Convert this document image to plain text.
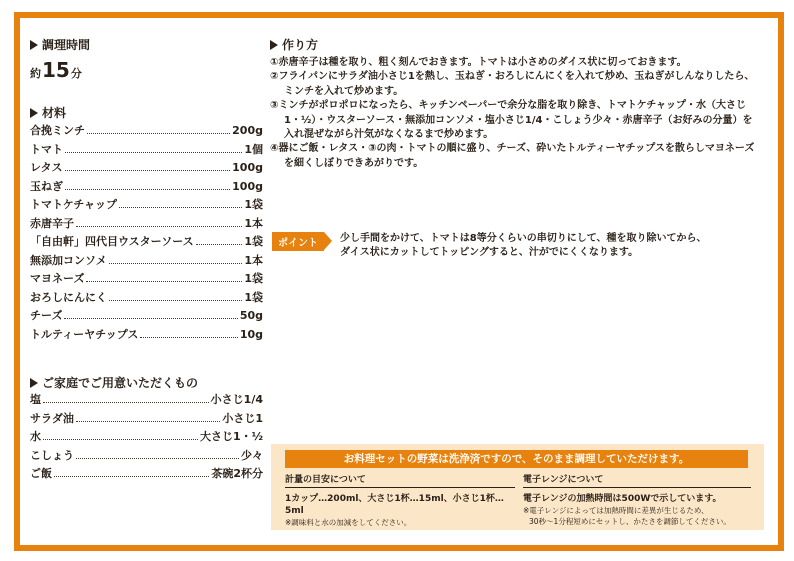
調理時間
約15分
材料
合挽ミンチ	200g
トマト	1個
レタス	100g
玉ねぎ	100g
トマトケチャップ	1袋
赤唐辛子	1本
「自由軒」四代目ウスターソース	1袋
無添加コンソメ	1本
マヨネーズ	1袋
おろしにんにく	1袋
チーズ	50g
トルティーヤチップス	10g
ご家庭でご用意いただくもの
塩	小さじ1/4
サラダ油	小さじ1
水	大さじ1・½
こしょう	少々
ご飯	茶碗2杯分
作り方

①赤唐辛子は種を取り、粗く刻んでおきます。トマトは小さめのダイス状に切っておきます。

②フライパンにサラダ油小さじ1を熱し、玉ねぎ・おろしにんにくを入れて炒め、玉ねぎがしんなりしたら、ミンチを入れて炒めます。

③ミンチがポロポロになったら、キッチンペーパーで余分な脂を取り除き、トマトケチャップ・水（大さじ1・½）・ウスターソース・無添加コンソメ・塩小さじ1/4・こしょう少々・赤唐辛子（お好みの分量）を入れ混ぜながら汁気がなくなるまで炒めます。

④器にご飯・レタス・③の肉・トマトの順に盛り、チーズ、砕いたトルティーヤチップスを散らしマヨネーズを細くしぼりできあがりです。

ポイント	少し手間をかけて、トマトは8等分くらいの串切りにして、種を取り除いてから、

ダイス状にカットしてトッピングすると、汁がでにくくなります。

お料理セットの野菜は洗浄済ですので、そのまま調理していただけます。
計量の目安について
1カップ…200ml、大さじ1杯…15ml、小さじ1杯…5ml
※調味料と水の加減をしてください。
電子レンジについて
電子レンジの加熱時間は500Wで示しています。
※電子レンジによっては加熱時間に差異が生じるため、
30秒～1分程短めにセットし、かたさを調節してください。
